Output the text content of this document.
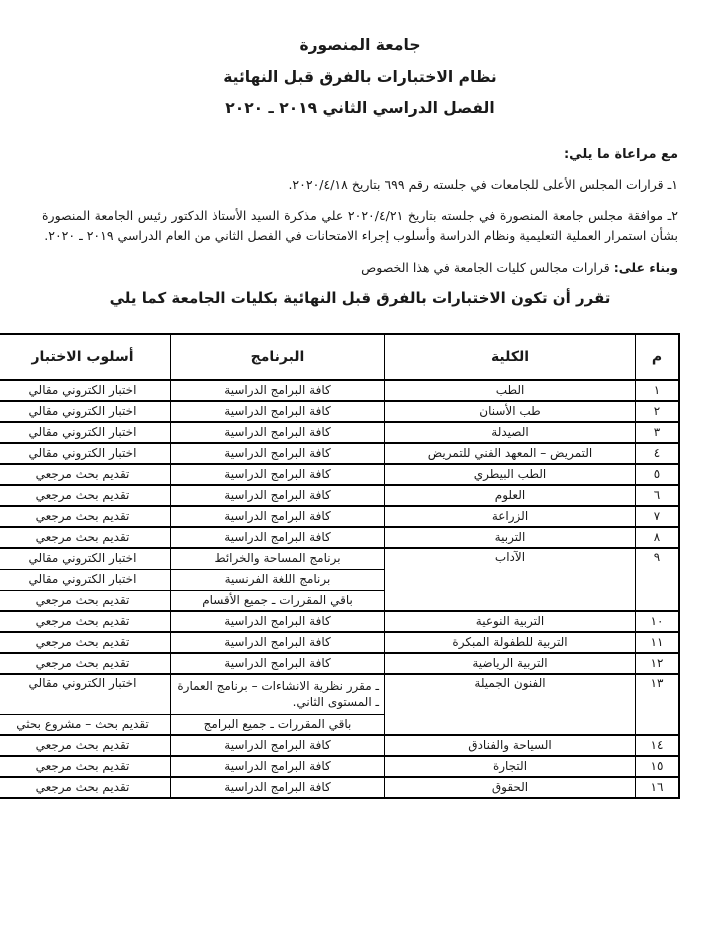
جامعة المنصورة
نظام الاختبارات بالفرق قبل النهائية
الفصل الدراسي الثاني ٢٠١٩ ـ ٢٠٢٠
مع مراعاة ما يلي:
١ـ قرارات المجلس الأعلى للجامعات في جلسته رقم ٦٩٩ بتاريخ ٢٠٢٠/٤/١٨.
٢ـ موافقة مجلس جامعة المنصورة في جلسته بتاريخ ٢٠٢٠/٤/٢١ علي مذكرة السيد الأستاذ الدكتور رئيس الجامعة المنصورة بشأن استمرار العملية التعليمية ونظام الدراسة وأسلوب إجراء الامتحانات في الفصل الثاني من العام الدراسي ٢٠١٩ ـ ٢٠٢٠.
وبناء على: قرارات مجالس كليات الجامعة في هذا الخصوص
تقرر أن تكون الاختبارات بالفرق قبل النهائية بكليات الجامعة كما يلي
م	الكلية	البرنامج	أسلوب الاختبار
١	الطب	كافة البرامج الدراسية	اختبار الكتروني مقالي
٢	طب الأسنان	كافة البرامج الدراسية	اختبار الكتروني مقالي
٣	الصيدلة	كافة البرامج الدراسية	اختبار الكتروني مقالي
٤	التمريض – المعهد الفني للتمريض	كافة البرامج الدراسية	اختبار الكتروني مقالي
٥	الطب البيطري	كافة البرامج الدراسية	تقديم بحث مرجعي
٦	العلوم	كافة البرامج الدراسية	تقديم بحث مرجعي
٧	الزراعة	كافة البرامج الدراسية	تقديم بحث مرجعي
٨	التربية	كافة البرامج الدراسية	تقديم بحث مرجعي
٩	الآداب	برنامج المساحة والخرائط	اختبار الكتروني مقالي
		برنامج اللغة الفرنسية	اختبار الكتروني مقالي
		باقي المقررات ـ جميع الأقسام	تقديم بحث مرجعي
١٠	التربية النوعية	كافة البرامج الدراسية	تقديم بحث مرجعي
١١	التربية للطفولة المبكرة	كافة البرامج الدراسية	تقديم بحث مرجعي
١٢	التربية الرياضية	كافة البرامج الدراسية	تقديم بحث مرجعي
١٣	الفنون الجميلة	ـ مقرر نظرية الانشاءات – برنامج العمارة ـ المستوى الثاني.	اختبار الكتروني مقالي
		باقي المقررات ـ جميع البرامج	تقديم بحث – مشروع بحثي
١٤	السياحة والفنادق	كافة البرامج الدراسية	تقديم بحث مرجعي
١٥	التجارة	كافة البرامج الدراسية	تقديم بحث مرجعي
١٦	الحقوق	كافة البرامج الدراسية	تقديم بحث مرجعي
